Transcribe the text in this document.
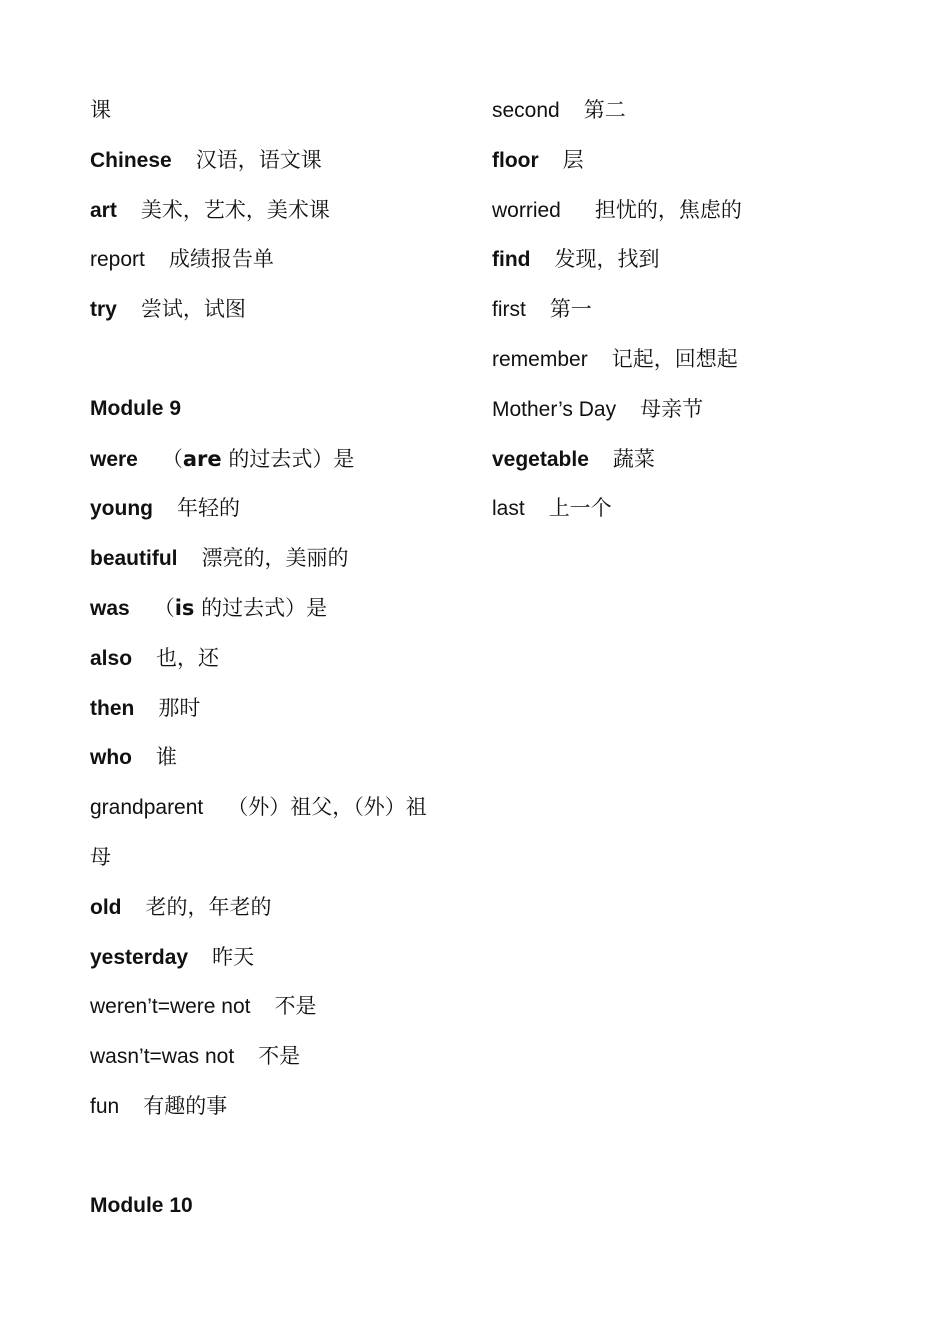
课
Chinese 汉语，语文课
art 美术，艺术，美术课
report 成绩报告单
try 尝试，试图
Module 9
were （are 的过去式）是
young 年轻的
beautiful 漂亮的，美丽的
was （is 的过去式）是
also 也，还
then 那时
who 谁
grandparent （外）祖父，（外）祖
母
old 老的，年老的
yesterday 昨天
weren’t=were not 不是
wasn’t=was not 不是
fun 有趣的事
Module 10
second 第二
floor 层
worried 担忧的，焦虑的
find 发现，找到
first 第一
remember 记起，回想起
Mother’s Day 母亲节
vegetable 蔬菜
last 上一个
